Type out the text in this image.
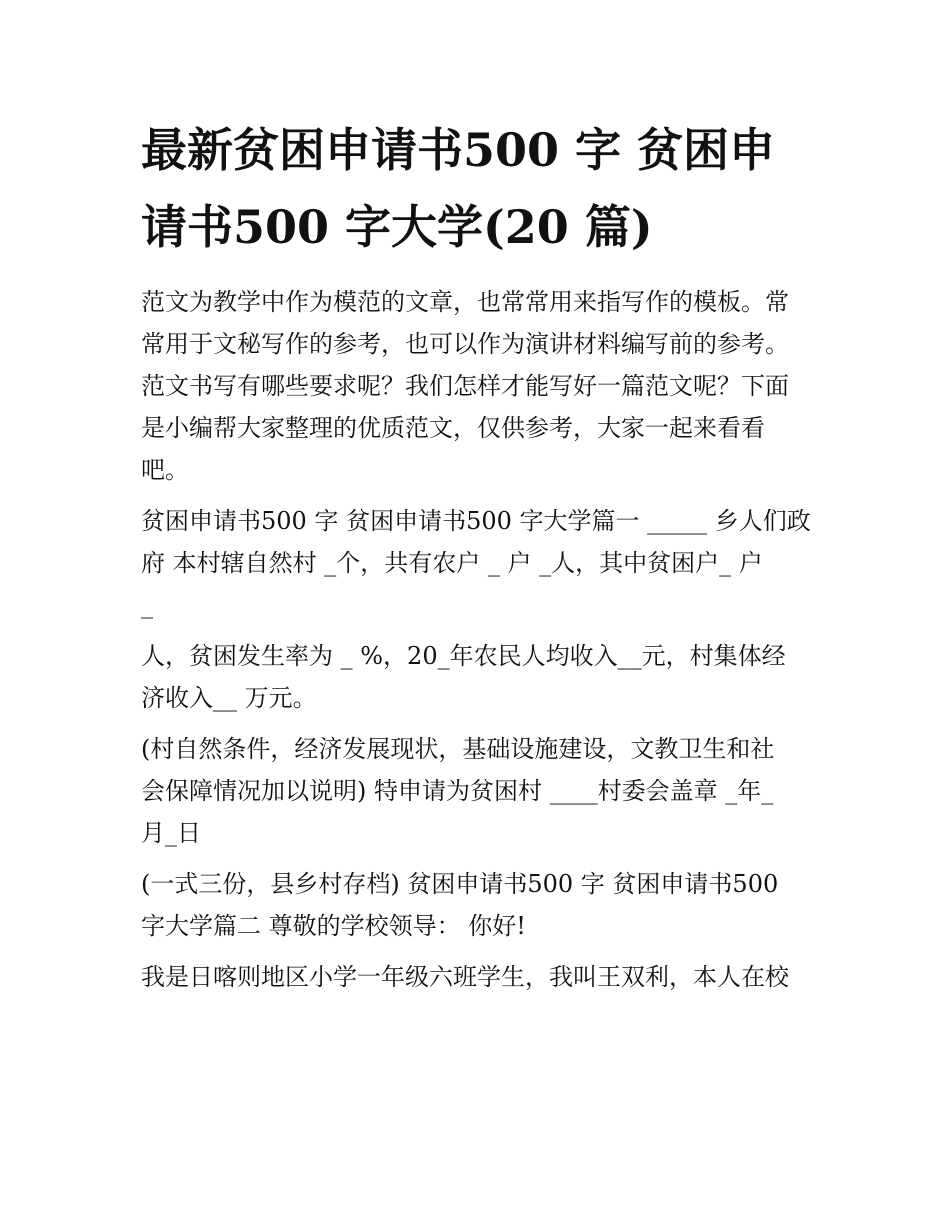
最新贫困申请书500 字 贫困申
请书500 字大学(20 篇)

范文为教学中作为模范的文章，也常常用来指写作的模板。常
常用于文秘写作的参考，也可以作为演讲材料编写前的参考。
范文书写有哪些要求呢？我们怎样才能写好一篇范文呢？下面
是小编帮大家整理的优质范文，仅供参考，大家一起来看看
吧。

贫困申请书500 字 贫困申请书500 字大学篇一 _____ 乡人们政
府 本村辖自然村 _个，共有农户 _ 户 _人，其中贫困户_ 户
_

人，贫困发生率为 _ %，20_年农民人均收入__元，村集体经
济收入__ 万元。

(村自然条件，经济发展现状，基础设施建设，文教卫生和社
会保障情况加以说明) 特申请为贫困村 ____村委会盖章 _年_
月_日

(一式三份，县乡村存档) 贫困申请书500 字 贫困申请书500
字大学篇二 尊敬的学校领导： 你好!

我是日喀则地区小学一年级六班学生，我叫王双利，本人在校
